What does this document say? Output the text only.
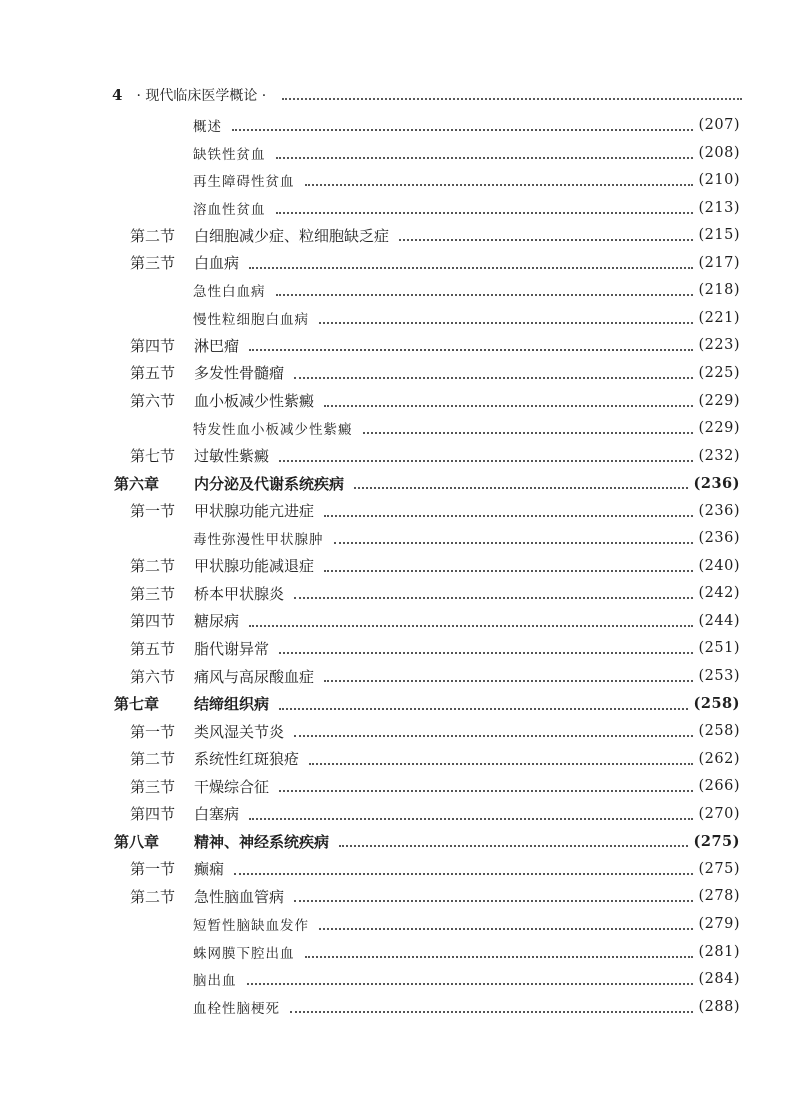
4 · 现代临床医学概论 ·
概述	(207)
缺铁性贫血	(208)
再生障碍性贫血	(210)
溶血性贫血	(213)
第二节	白细胞减少症、粒细胞缺乏症	(215)
第三节	白血病	(217)
急性白血病	(218)
慢性粒细胞白血病	(221)
第四节	淋巴瘤	(223)
第五节	多发性骨髓瘤	(225)
第六节	血小板减少性紫癜	(229)
特发性血小板减少性紫癜	(229)
第七节	过敏性紫癜	(232)
第六章	内分泌及代谢系统疾病	(236)
第一节	甲状腺功能亢进症	(236)
毒性弥漫性甲状腺肿	(236)
第二节	甲状腺功能减退症	(240)
第三节	桥本甲状腺炎	(242)
第四节	糖尿病	(244)
第五节	脂代谢异常	(251)
第六节	痛风与高尿酸血症	(253)
第七章	结缔组织病	(258)
第一节	类风湿关节炎	(258)
第二节	系统性红斑狼疮	(262)
第三节	干燥综合征	(266)
第四节	白塞病	(270)
第八章	精神、神经系统疾病	(275)
第一节	癫痫	(275)
第二节	急性脑血管病	(278)
短暂性脑缺血发作	(279)
蛛网膜下腔出血	(281)
脑出血	(284)
血栓性脑梗死	(288)
